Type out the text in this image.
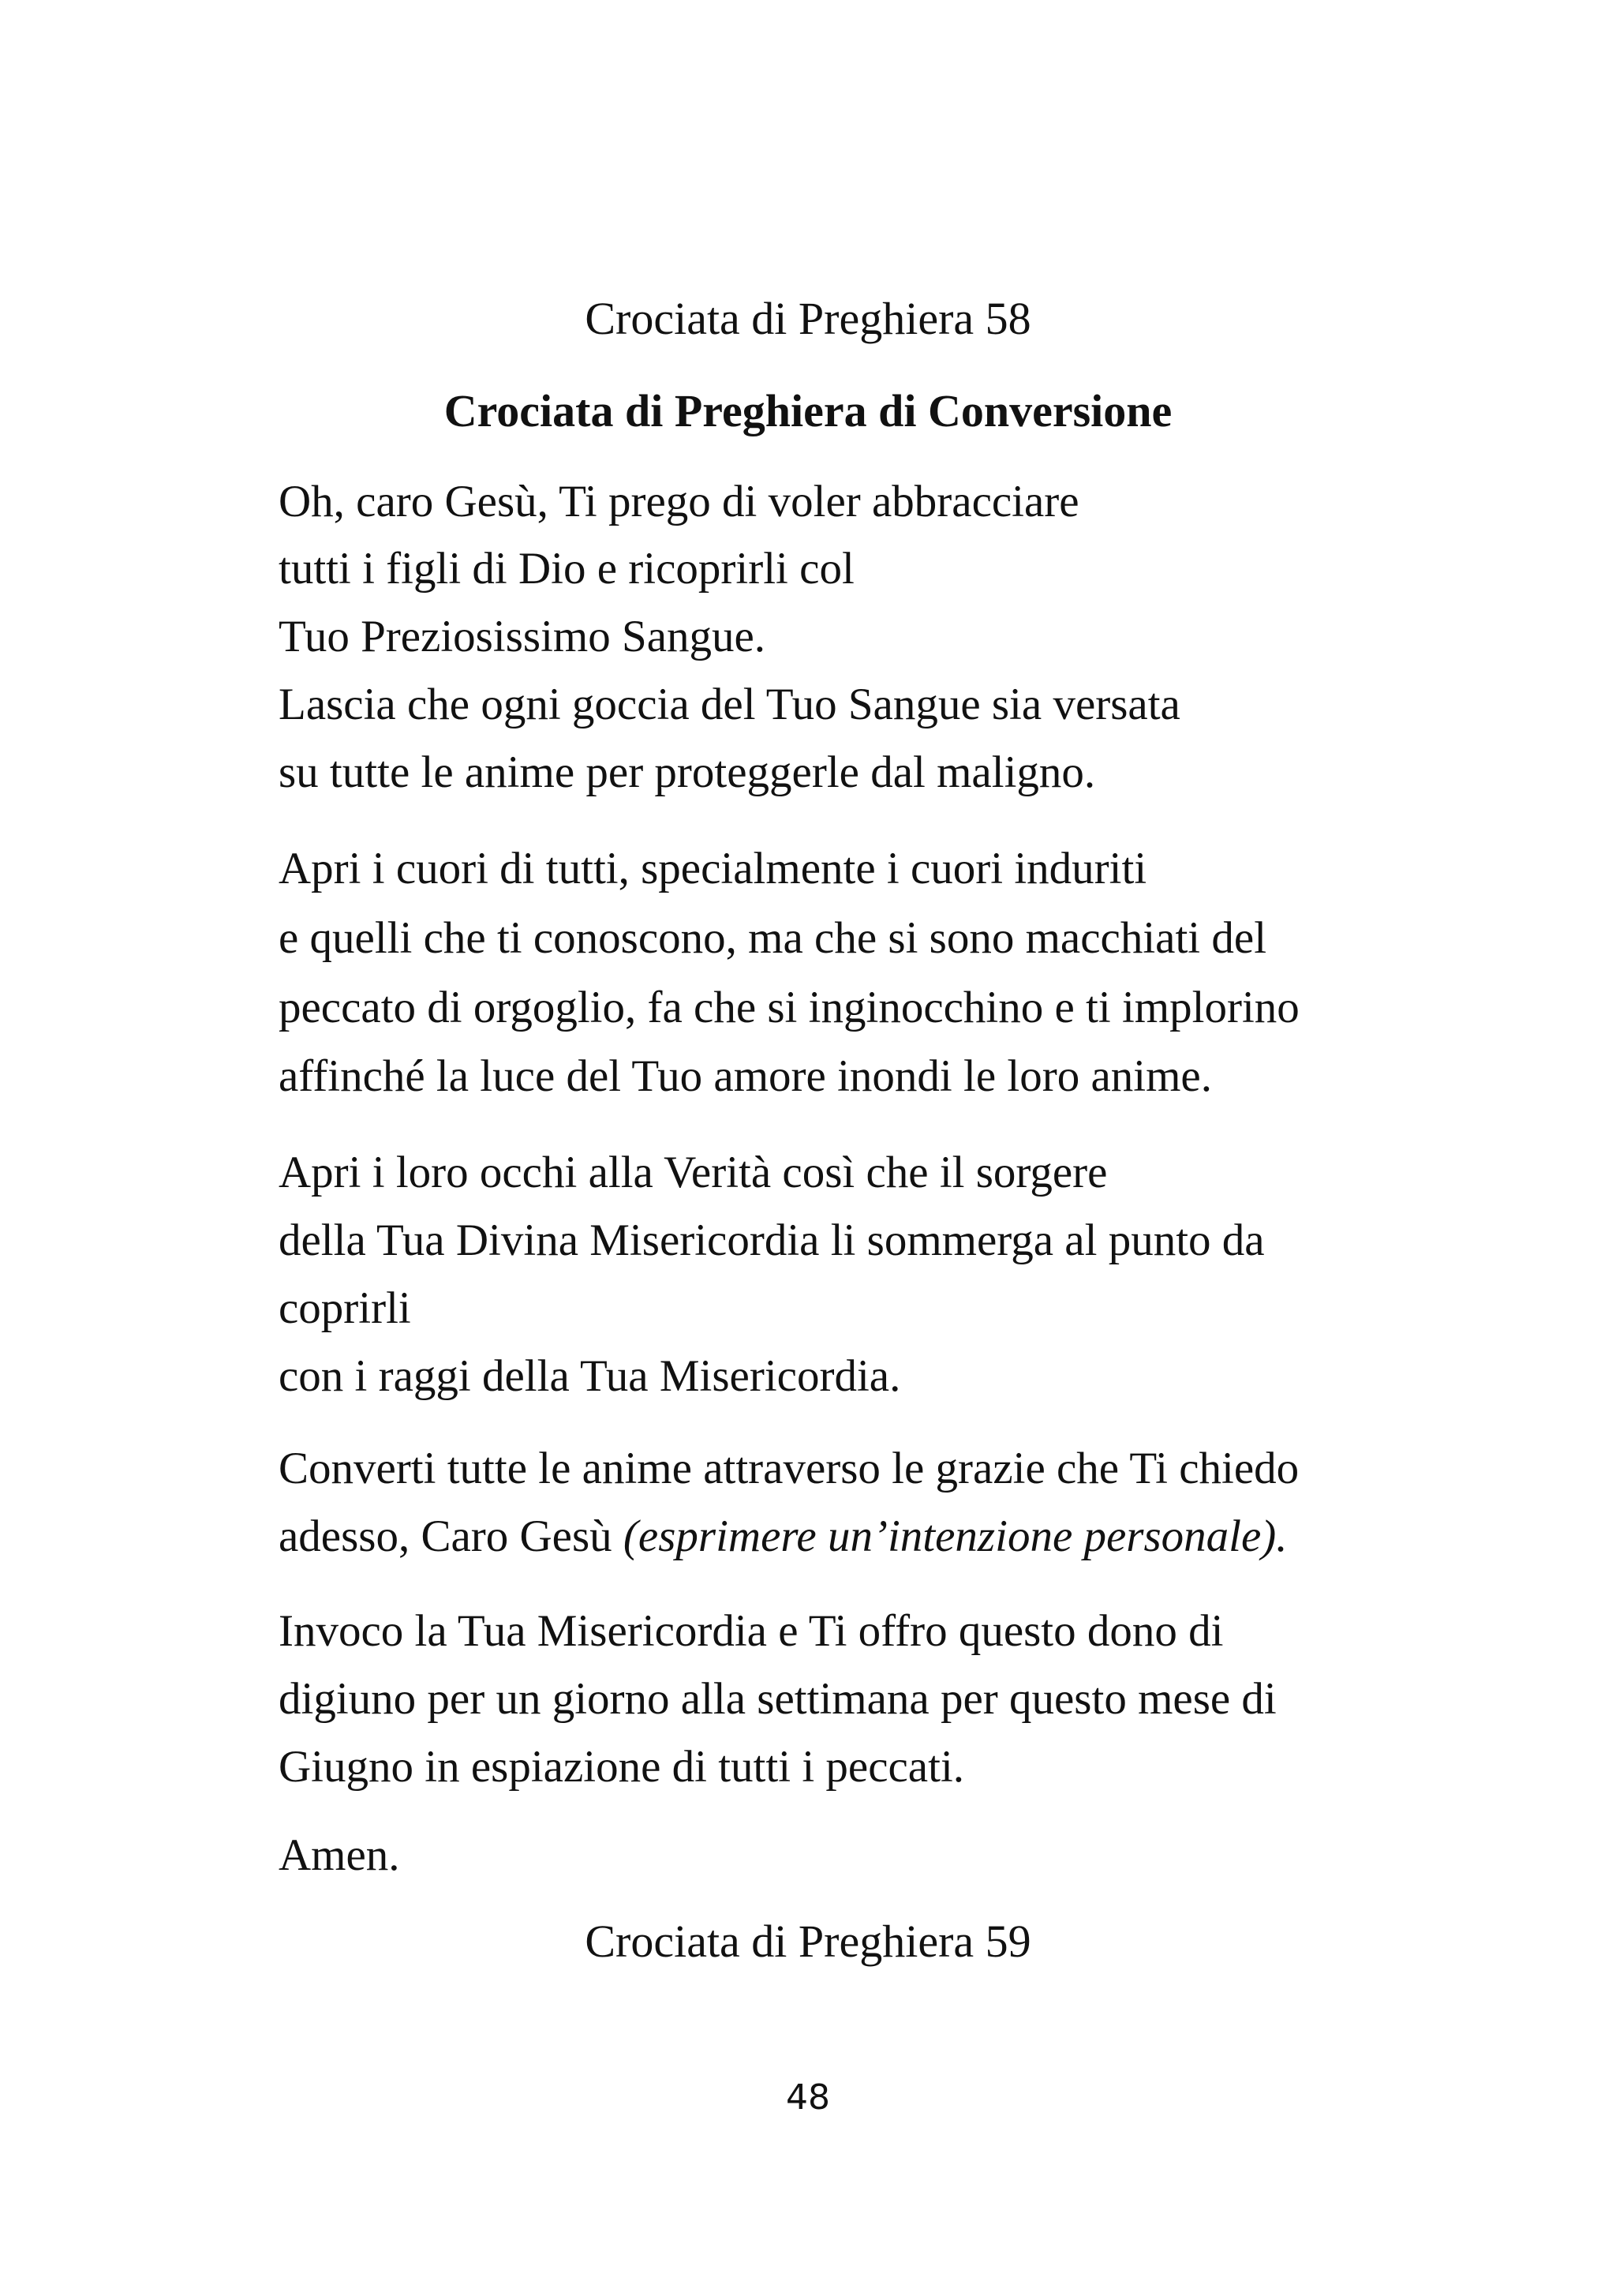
Crociata di Preghiera 58
Crociata di Preghiera di Conversione
Oh, caro Gesù, Ti prego di voler abbracciare
tutti i figli di Dio e ricoprirli col
Tuo Preziosissimo Sangue.
Lascia che ogni goccia del Tuo Sangue sia versata
su tutte le anime per proteggerle dal maligno.
Apri i cuori di tutti, specialmente i cuori induriti
e quelli che ti conoscono, ma che si sono macchiati del
peccato di orgoglio, fa che si inginocchino e ti implorino
affinché la luce del Tuo amore inondi le loro anime.
Apri i loro occhi alla Verità così che il sorgere
della Tua Divina Misericordia li sommerga al punto da
coprirli
con i raggi della Tua Misericordia.
Converti tutte le anime attraverso le grazie che Ti chiedo
adesso, Caro Gesù (esprimere un’intenzione personale).
Invoco la Tua Misericordia e Ti offro questo dono di
digiuno per un giorno alla settimana per questo mese di
Giugno in espiazione di tutti i peccati.
Amen.
Crociata di Preghiera 59
48
